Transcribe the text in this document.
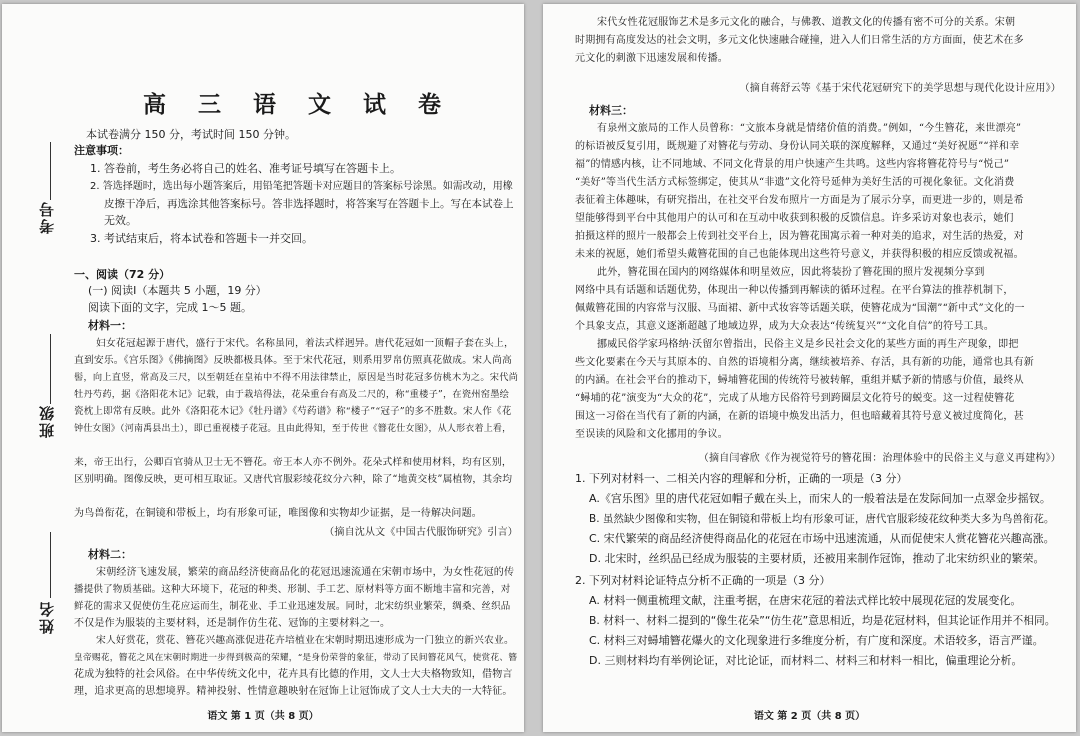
考号
班级
姓名
高 三 语 文 试 卷
本试卷满分 150 分，考试时间 150 分钟。
注意事项：
1. 答卷前，考生务必将自己的姓名、准考证号填写在答题卡上。
2. 答选择题时，选出每小题答案后，用铅笔把答题卡对应题目的答案标号涂黑。如需改动，用橡
皮擦干净后，再选涂其他答案标号。答非选择题时，将答案写在答题卡上。写在本试卷上
无效。
3. 考试结束后，将本试卷和答题卡一并交回。
一、阅读（72 分）
(一) 阅读Ⅰ（本题共 5 小题，19 分）
阅读下面的文字，完成 1～5 题。
材料一：
妇女花冠起源于唐代，盛行于宋代。名称虽同，着法式样迥异。唐代花冠如一顶帽子套在头上，
直到安乐。《宫乐图》《佛摘图》反映都极具体。至于宋代花冠，则系用罗帛仿照真花做成。宋人尚高
髻，向上直竖，常高及三尺，以至朝廷在皇祐中不得不用法律禁止，原因是当时花冠多仿桃木为之。宋代尚
牡丹芍药，据《洛阳花木记》记载，由于栽培得法，花朵重台有高及二尺的，称“重楼子”，在瓷州窑墨绘
瓷枕上即常有反映。此外《洛阳花木记》《牡丹谱》《芍药谱》称“楼子”“冠子”的多不胜数。宋人作《花
钟仕女图》（河南禹县出土），即已重视楼子花冠。且由此得知，至于传世《簪花仕女图》，从人形衣着上看，
来，帝王出行，公卿百官骑从卫士无不簪花。帝王本人亦不例外。花朵式样和使用材料，均有区别，
区别明确。图像反映，更可相互取证。又唐代官服彩绫花纹分六种，除了“地黄交枝”属植物，其余均
为鸟兽衔花，在铜镜和带板上，均有形象可证，唯图像和实物却少证据，是一待解决问题。
（摘自沈从文《中国古代服饰研究》引言）
材料二：
宋朝经济飞速发展，繁荣的商品经济使商品化的花冠迅速流通在宋朝市场中，为女性花冠的传
播提供了物质基础。这种大环境下，花冠的种类、形制、手工艺、原材料等方面不断地丰富和完善，对
鲜花的需求又促使仿生花应运而生，制花业、手工业迅速发展。同时，北宋纺织业繁荣，绸桑、丝织品
不仅是作为服装的主要材料，还是制作仿生花、冠饰的主要材料之一。
宋人好赏花，赏花、簪花兴趣高涨促进花卉培植业在宋朝时期迅速形成为一门独立的新兴农业。
皇帝赐花，簪花之风在宋朝时期进一步得到极高的荣耀，“是身份荣誉的象征，带动了民间簪花风气，使赏花、簪
花成为独特的社会风俗。在中华传统文化中，花卉具有比德的作用，文人士大夫格物致知，借物言
理，追求更高的思想境界。精神投射、性情意趣映射在冠饰上让冠饰成了文人士大夫的一大特征。
语文 第 1 页（共 8 页）
宋代女性花冠服饰艺术是多元文化的融合，与佛教、道教文化的传播有密不可分的关系。宋朝
时期拥有高度发达的社会文明，多元文化快速融合碰撞，进入人们日常生活的方方面面，使艺术在多
元文化的刺激下迅速发展和传播。
（摘自蒋舒云等《基于宋代花冠研究下的美学思想与现代化设计应用》）
材料三：
有泉州文旅局的工作人员曾称：“文旅本身就是情绪价值的消费。”例如，“今生簪花，来世漂亮”
的标语被反复引用，既规避了对簪花与劳动、身份认同关联的深度解释，又通过“美好祝愿”“祥和幸
福”的情感内核，让不同地域、不同文化背景的用户快速产生共鸣。这些内容将簪花符号与“悦己”
“美好”等当代生活方式标签绑定，使其从“非遗”文化符号延伸为美好生活的可视化象征。文化消费
表征着主体趣味，有研究指出，在社交平台发布照片一方面是为了展示分享，而更进一步的，则是希
望能够得到平台中其他用户的认可和在互动中收获到积极的反馈信息。许多采访对象也表示，她们
拍摄这样的照片一般都会上传到社交平台上，因为簪花围寓示着一种对美的追求，对生活的热爱，对
未来的祝愿，她们希望头戴簪花围的自己也能体现出这些符号意义，并获得积极的相应反馈或祝福。
此外，簪花围在国内的网络媒体和明星效应，因此将装扮了簪花围的照片发视频分享到
网络中具有话题和话题优势，体现出一种以传播到再解读的循环过程。在平台算法的推荐机制下，
佩戴簪花围的内容常与汉服、马面裙、新中式妆容等话题关联，使簪花成为“国潮”“新中式”文化的一
个具象支点，其意义逐渐超越了地域边界，成为大众表达“传统复兴”“文化自信”的符号工具。
挪威民俗学家玛格纳·沃留尔曾指出，民俗主义是乡民社会文化的某些方面的再生产现象，即把
些文化要素在今天与其原本的、自然的语境相分离，继续被培养、存活，具有新的功能，通常也具有新
的内涵。在社会平台的推动下，蟳埔簪花围的传统符号被转解，重组并赋予新的情感与价值，最终从
“蟳埔的花”演变为“大众的花”，完成了从地方民俗符号到跨圈层文化符号的蜕变。这一过程使簪花
围这一习俗在当代有了新的内涵，在新的语境中焕发出活力，但也暗藏着其符号意义被过度简化，甚
至误读的风险和文化挪用的争议。
（摘自闫睿欣《作为视觉符号的簪花围：治理体验中的民俗主义与意义再建构》）
1. 下列对材料一、二相关内容的理解和分析，正确的一项是（3 分）
A.《宫乐图》里的唐代花冠如帽子戴在头上，而宋人的一般着法是在发际间加一点翠金步摇钗。
B. 虽然缺少图像和实物，但在铜镜和带板上均有形象可证，唐代官服彩绫花纹种类大多为鸟兽衔花。
C. 宋代繁荣的商品经济使得商品化的花冠在市场中迅速流通，从而促使宋人赏花簪花兴趣高涨。
D. 北宋时，丝织品已经成为服装的主要材质，还被用来制作冠饰，推动了北宋纺织业的繁荣。
2. 下列对材料论证特点分析不正确的一项是（3 分）
A. 材料一侧重梳理文献，注重考据，在唐宋花冠的着法式样比较中展现花冠的发展变化。
B. 材料一、材料二提到的“像生花朵”“仿生花”意思相近，均是花冠材料，但其论证作用并不相同。
C. 材料三对蟳埔簪花爆火的文化现象进行多维度分析，有广度和深度。术语较多，语言严谨。
D. 三则材料均有举例论证，对比论证，而材料二、材料三和材料一相比，偏重理论分析。
语文 第 2 页（共 8 页）
